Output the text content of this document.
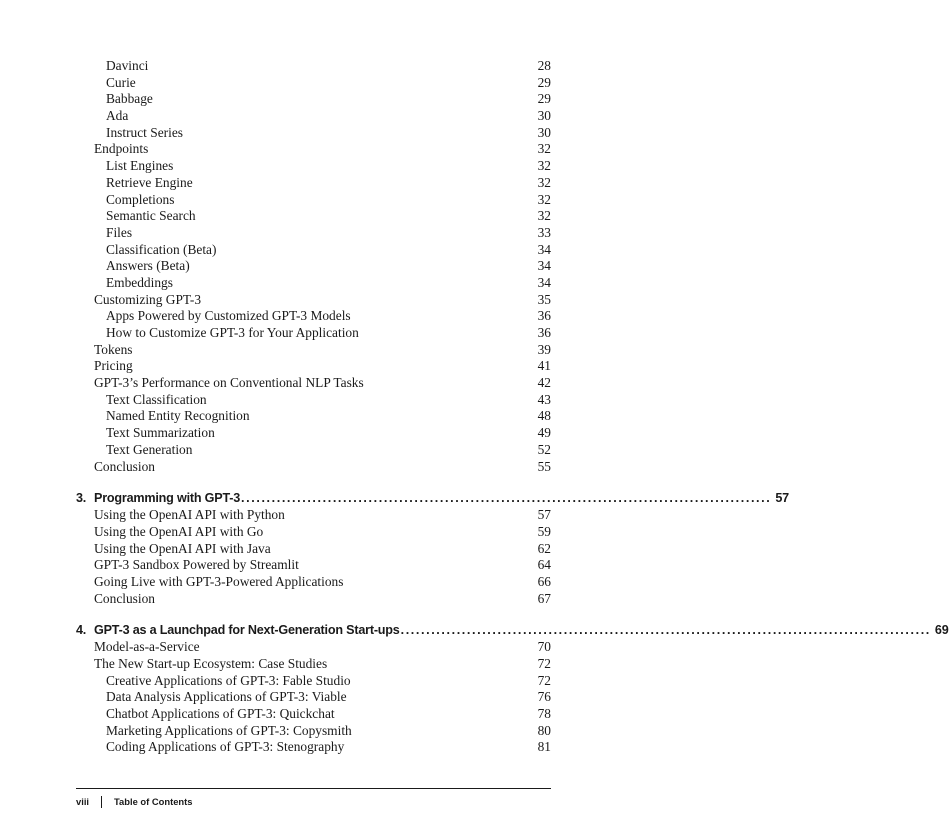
Davinci	28
Curie	29
Babbage	29
Ada	30
Instruct Series	30
Endpoints	32
List Engines	32
Retrieve Engine	32
Completions	32
Semantic Search	32
Files	33
Classification (Beta)	34
Answers (Beta)	34
Embeddings	34
Customizing GPT-3	35
Apps Powered by Customized GPT-3 Models	36
How to Customize GPT-3 for Your Application	36
Tokens	39
Pricing	41
GPT-3’s Performance on Conventional NLP Tasks	42
Text Classification	43
Named Entity Recognition	48
Text Summarization	49
Text Generation	52
Conclusion	55
3. Programming with GPT-3 ........................................................................................................ 57
Using the OpenAI API with Python	57
Using the OpenAI API with Go	59
Using the OpenAI API with Java	62
GPT-3 Sandbox Powered by Streamlit	64
Going Live with GPT-3-Powered Applications	66
Conclusion	67
4. GPT-3 as a Launchpad for Next-Generation Start-ups ........................................................................................................ 69
Model-as-a-Service	70
The New Start-up Ecosystem: Case Studies	72
Creative Applications of GPT-3: Fable Studio	72
Data Analysis Applications of GPT-3: Viable	76
Chatbot Applications of GPT-3: Quickchat	78
Marketing Applications of GPT-3: Copysmith	80
Coding Applications of GPT-3: Stenography	81
viii	Table of Contents
